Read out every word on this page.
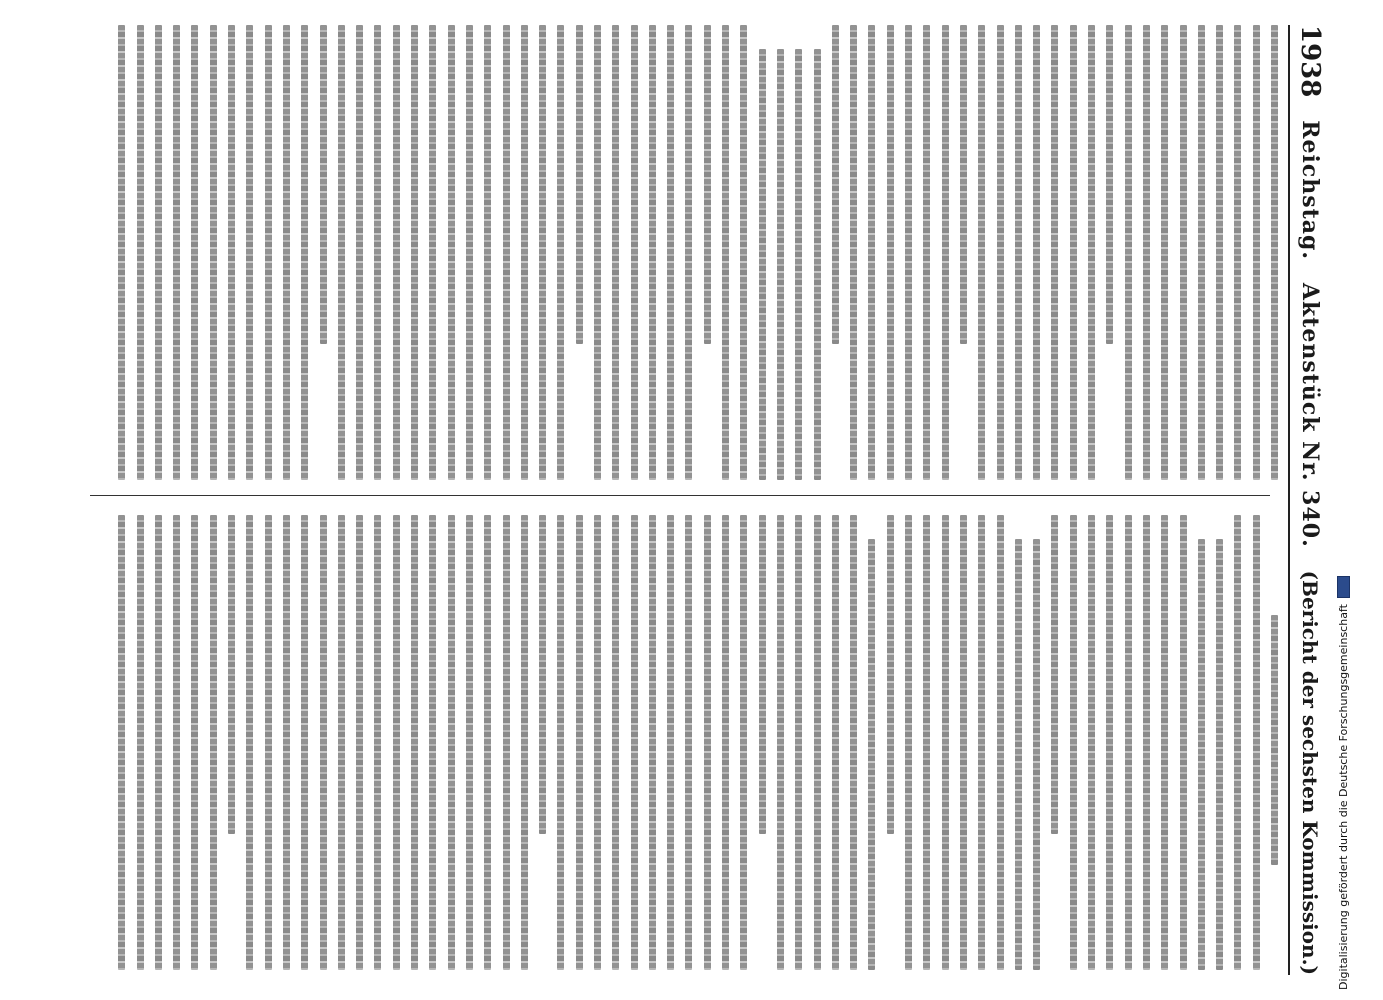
1938
Reichstag.
Aktenstück Nr. 340.
(Bericht der sechsten Kommission.) Digitalisierung gefördert durch die Deutsche Forschungsgemeinschaft
